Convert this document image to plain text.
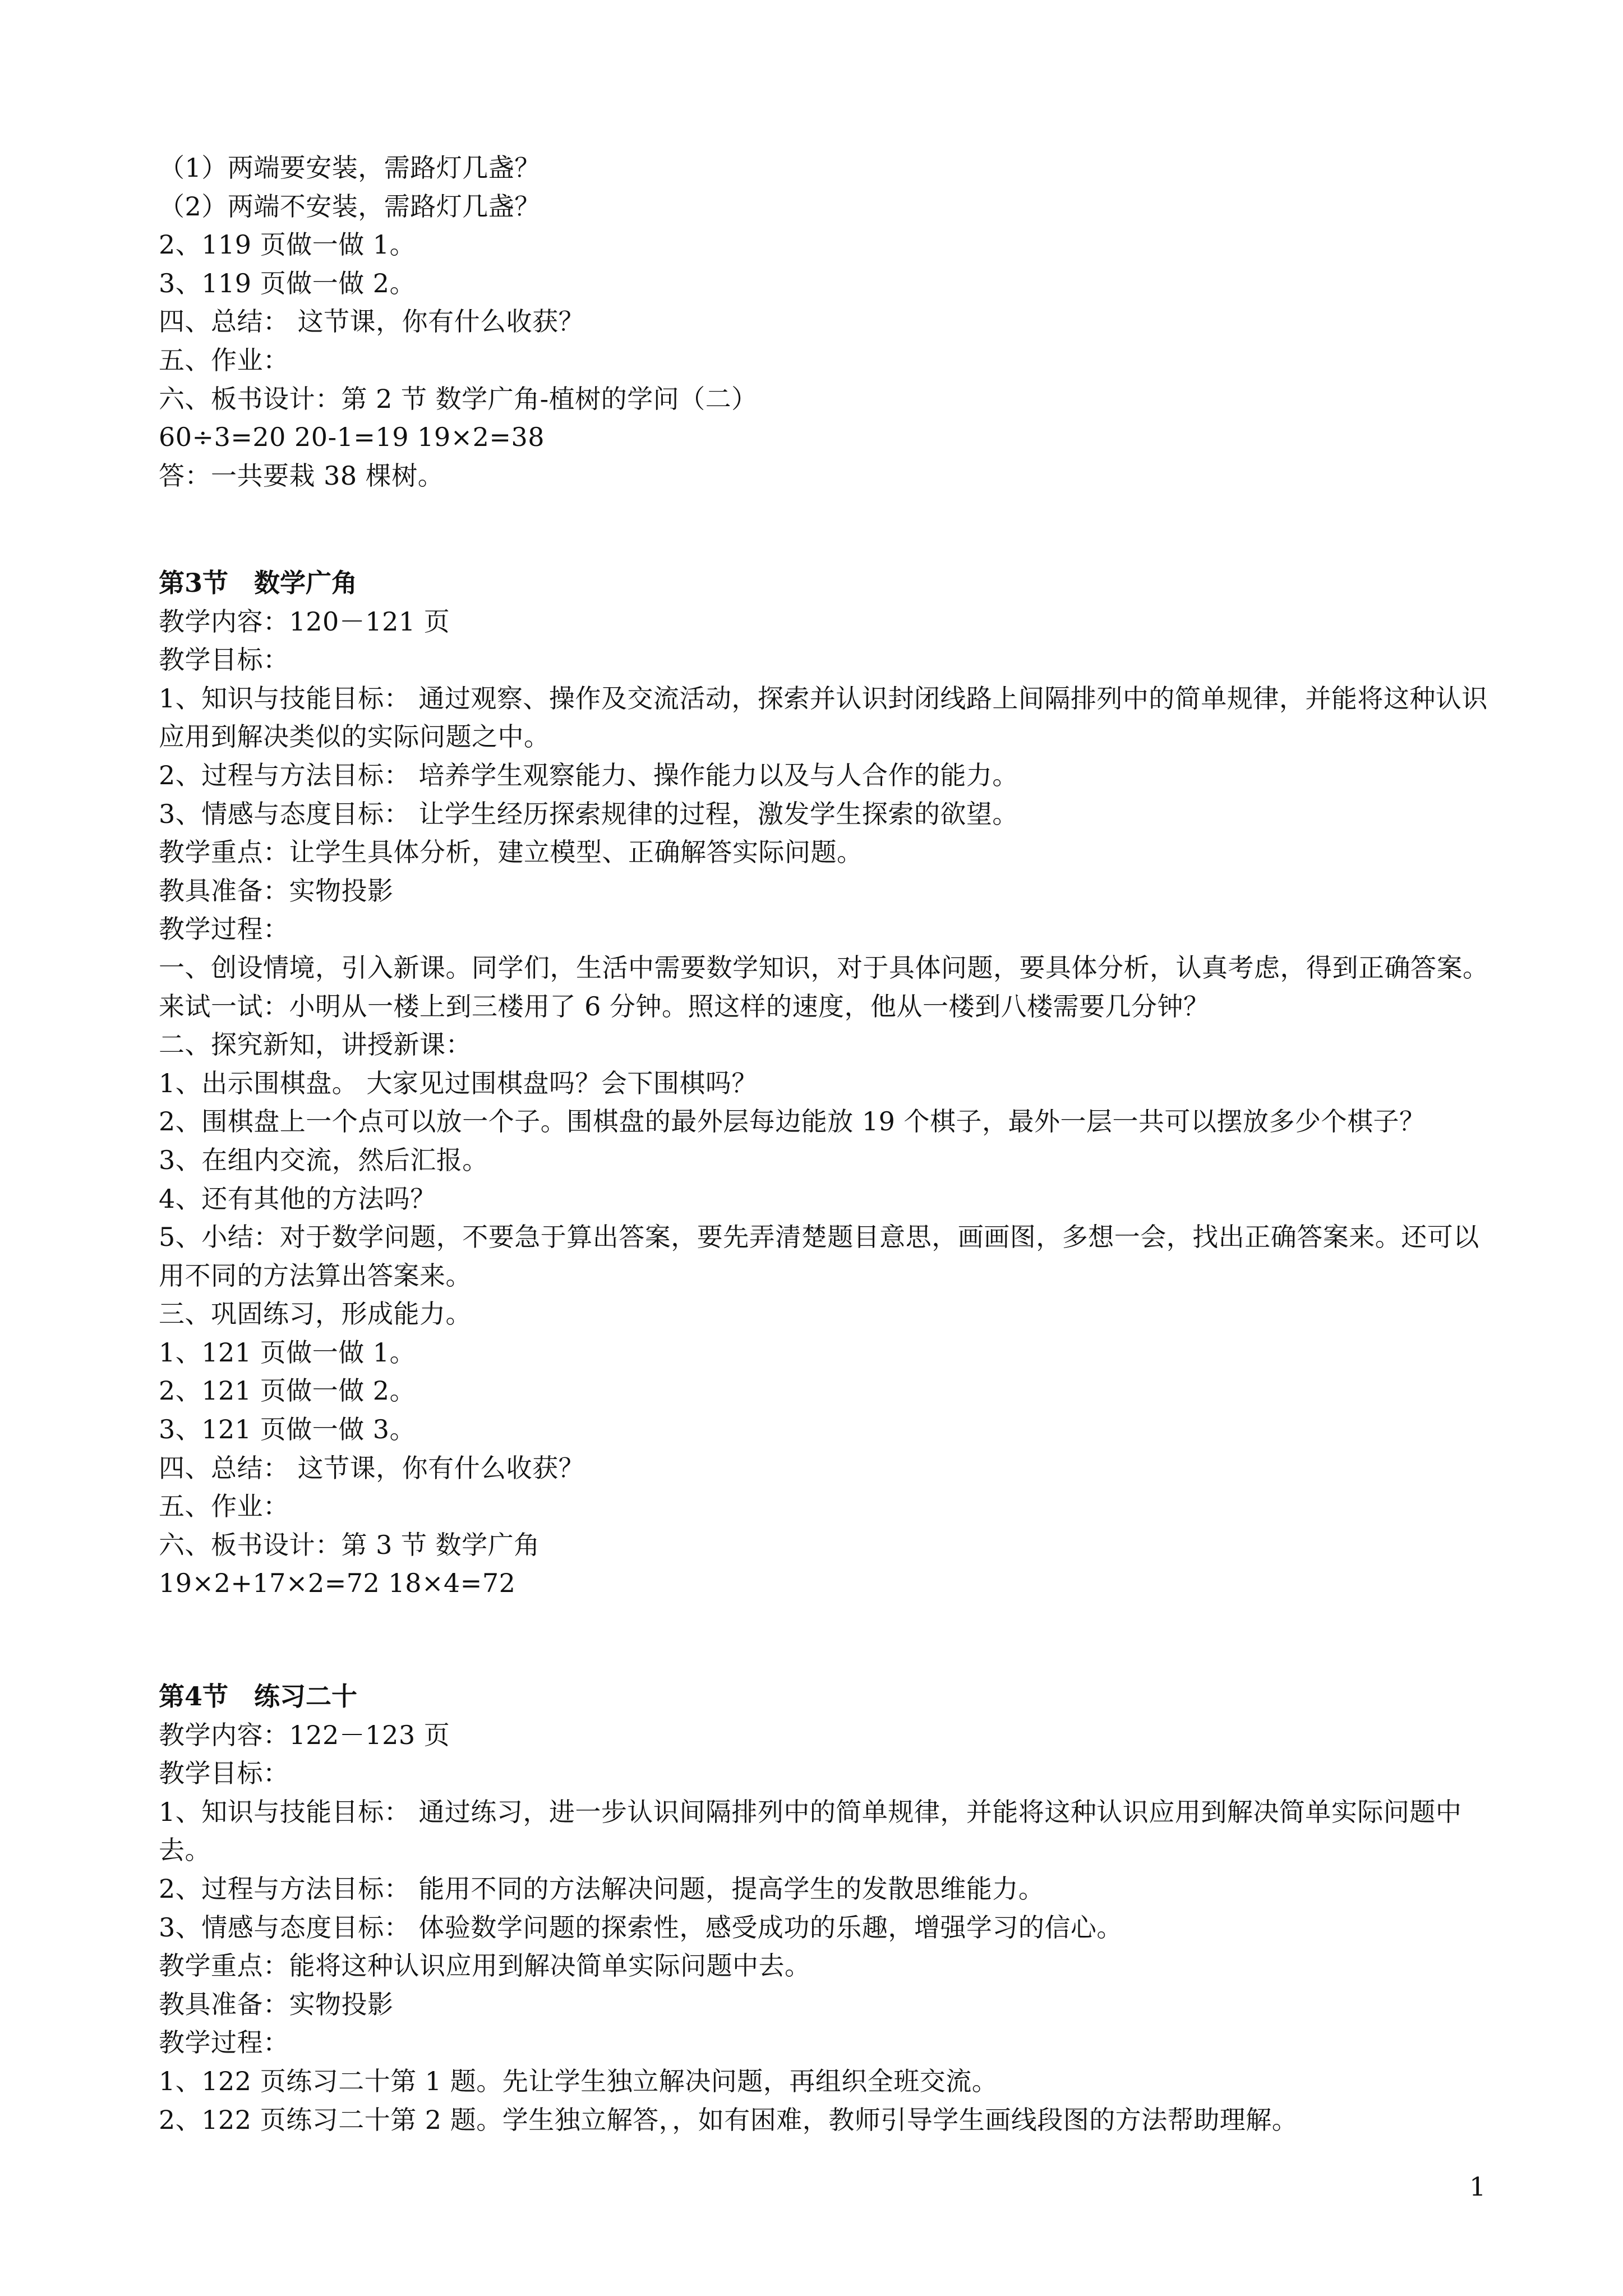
（1）两端要安装，需路灯几盏？
（2）两端不安装，需路灯几盏？
2、119 页做一做 1。
3、119 页做一做 2。
四、总结： 这节课，你有什么收获？
五、作业：
六、板书设计：第 2 节 数学广角-植树的学问（二）
60÷3=20 20-1=19 19×2=38
答：一共要栽 38 棵树。
第3节 数学广角
教学内容：120－121 页
教学目标：
1、知识与技能目标： 通过观察、操作及交流活动，探索并认识封闭线路上间隔排列中的简单规律，并能将这种认识应用到解决类似的实际问题之中。
2、过程与方法目标： 培养学生观察能力、操作能力以及与人合作的能力。
3、情感与态度目标： 让学生经历探索规律的过程，激发学生探索的欲望。
教学重点：让学生具体分析，建立模型、正确解答实际问题。
教具准备：实物投影
教学过程：
一、创设情境，引入新课。同学们，生活中需要数学知识，对于具体问题，要具体分析，认真考虑，得到正确答案。来试一试：小明从一楼上到三楼用了 6 分钟。照这样的速度，他从一楼到八楼需要几分钟？
二、探究新知，讲授新课：
1、出示围棋盘。 大家见过围棋盘吗？会下围棋吗？
2、围棋盘上一个点可以放一个子。围棋盘的最外层每边能放 19 个棋子，最外一层一共可以摆放多少个棋子？
3、在组内交流，然后汇报。
4、还有其他的方法吗？
5、小结：对于数学问题，不要急于算出答案，要先弄清楚题目意思，画画图，多想一会，找出正确答案来。还可以用不同的方法算出答案来。
三、巩固练习，形成能力。
1、121 页做一做 1。
2、121 页做一做 2。
3、121 页做一做 3。
四、总结： 这节课，你有什么收获？
五、作业：
六、板书设计：第 3 节 数学广角
19×2+17×2=72 18×4=72
第4节 练习二十
教学内容：122－123 页
教学目标：
1、知识与技能目标： 通过练习，进一步认识间隔排列中的简单规律，并能将这种认识应用到解决简单实际问题中去。
2、过程与方法目标： 能用不同的方法解决问题，提高学生的发散思维能力。
3、情感与态度目标： 体验数学问题的探索性，感受成功的乐趣，增强学习的信心。
教学重点：能将这种认识应用到解决简单实际问题中去。
教具准备：实物投影
教学过程：
1、122 页练习二十第 1 题。先让学生独立解决问题，再组织全班交流。
2、122 页练习二十第 2 题。学生独立解答，，如有困难，教师引导学生画线段图的方法帮助理解。
1
